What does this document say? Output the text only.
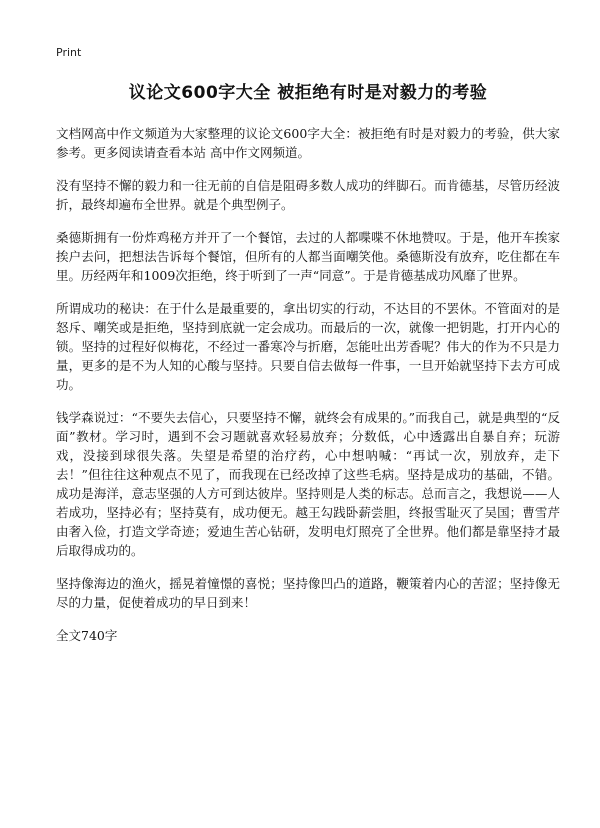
Print
议论文600字大全 被拒绝有时是对毅力的考验

文档网高中作文频道为大家整理的议论文600字大全：被拒绝有时是对毅力的考验，供大家参考。更多阅读请查看本站 高中作文网频道。

没有坚持不懈的毅力和一往无前的自信是阻碍多数人成功的绊脚石。而肯德基，尽管历经波折，最终却遍布全世界。就是个典型例子。

桑德斯拥有一份炸鸡秘方并开了一个餐馆，去过的人都喋喋不休地赞叹。于是，他开车挨家挨户去问，把想法告诉每个餐馆，但所有的人都当面嘲笑他。桑德斯没有放弃，吃住都在车里。历经两年和1009次拒绝，终于听到了一声“同意”。于是肯德基成功风靡了世界。

所谓成功的秘诀：在于什么是最重要的，拿出切实的行动，不达目的不罢休。不管面对的是怒斥、嘲笑或是拒绝，坚持到底就一定会成功。而最后的一次，就像一把钥匙，打开内心的锁。坚持的过程好似梅花，不经过一番寒冷与折磨，怎能吐出芳香呢？伟大的作为不只是力量，更多的是不为人知的心酸与坚持。只要自信去做每一件事，一旦开始就坚持下去方可成功。

钱学森说过：“不要失去信心，只要坚持不懈，就终会有成果的。”而我自己，就是典型的“反面”教材。学习时，遇到不会习题就喜欢轻易放弃；分数低，心中透露出自暴自弃；玩游戏，没接到球很失落。失望是希望的治疗药，心中想呐喊：“再试一次，别放弃，走下去！”但往往这种观点不见了，而我现在已经改掉了这些毛病。坚持是成功的基础，不错。成功是海洋，意志坚强的人方可到达彼岸。坚持则是人类的标志。总而言之，我想说——人若成功，坚持必有；坚持莫有，成功便无。越王勾践卧薪尝胆，终报雪耻灭了吴国；曹雪芹由奢入俭，打造文学奇迹；爱迪生苦心钻研，发明电灯照亮了全世界。他们都是靠坚持才最后取得成功的。

坚持像海边的渔火，摇晃着憧憬的喜悦；坚持像凹凸的道路，鞭策着内心的苦涩；坚持像无尽的力量，促使着成功的早日到来！

全文740字
